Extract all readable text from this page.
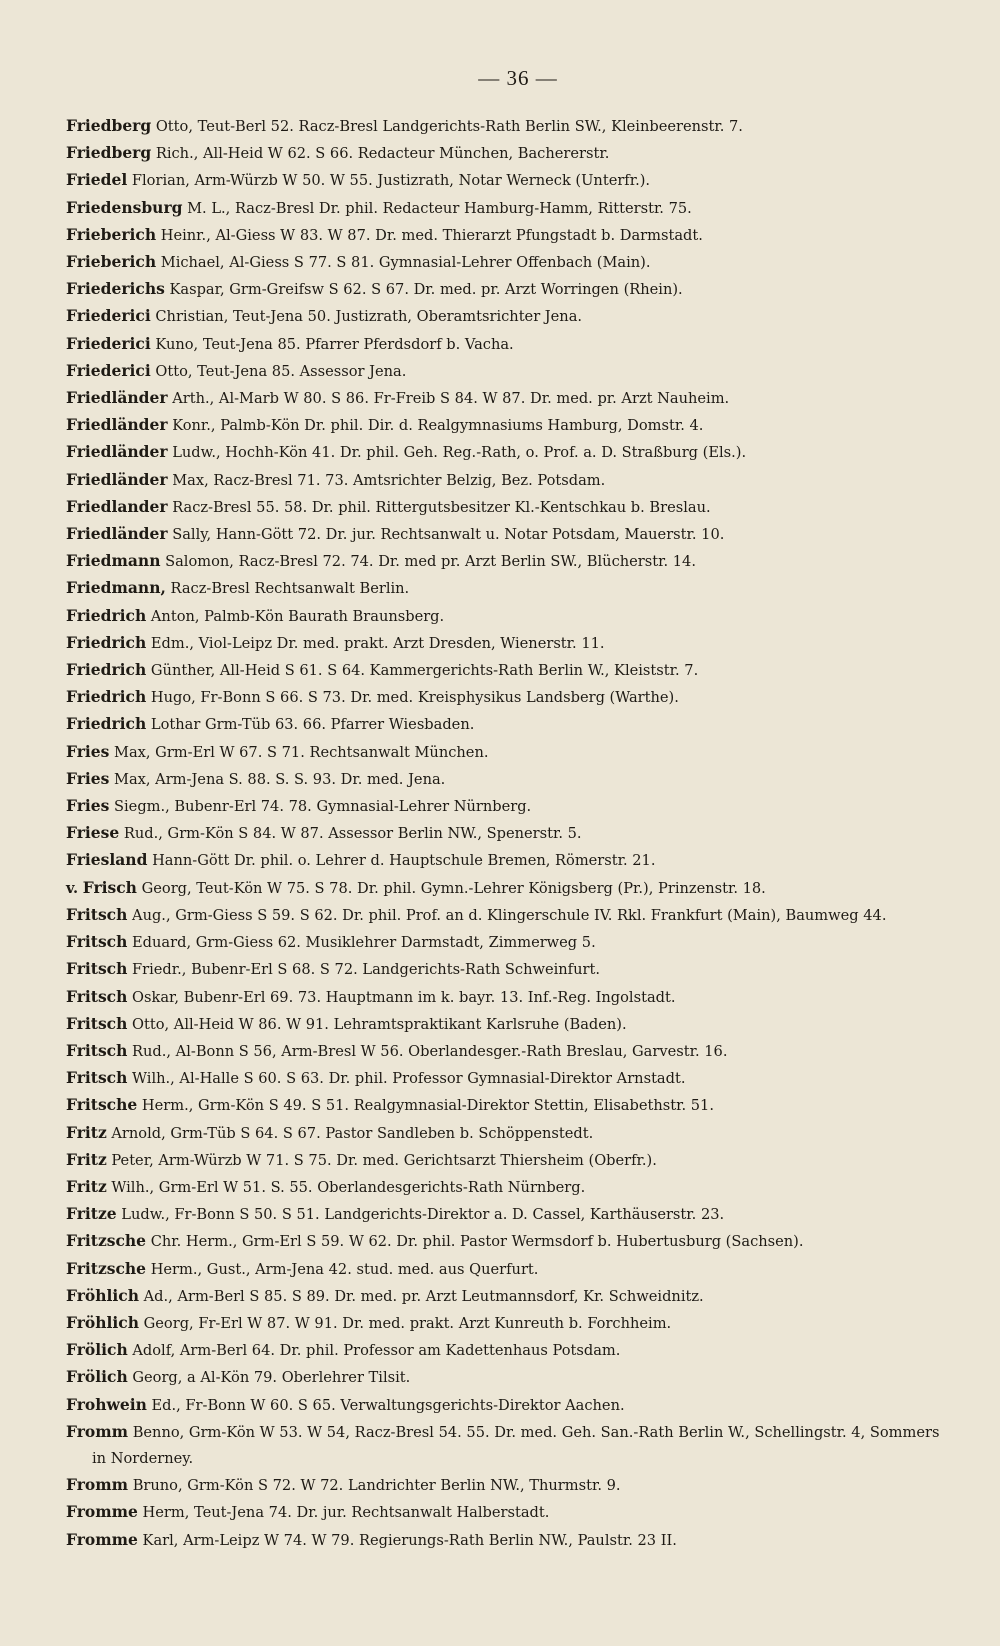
— 36 —
Friedberg Otto, Teut-Berl 52. Racz-Bresl Landgerichts-Rath Berlin SW., Kleinbeerenstr. 7.
Friedberg Rich., All-Heid W 62. S 66. Redacteur München, Bachererstr.
Friedel Florian, Arm-Würzb W 50. W 55. Justizrath, Notar Werneck (Unterfr.).
Friedensburg M. L., Racz-Bresl Dr. phil. Redacteur Hamburg-Hamm, Ritterstr. 75.
Frieberich Heinr., Al-Giess W 83. W 87. Dr. med. Thierarzt Pfungstadt b. Darmstadt.
Frieberich Michael, Al-Giess S 77. S 81. Gymnasial-Lehrer Offenbach (Main).
Friederichs Kaspar, Grm-Greifsw S 62. S 67. Dr. med. pr. Arzt Worringen (Rhein).
Friederici Christian, Teut-Jena 50. Justizrath, Oberamtsrichter Jena.
Friederici Kuno, Teut-Jena 85. Pfarrer Pferdsdorf b. Vacha.
Friederici Otto, Teut-Jena 85. Assessor Jena.
Friedländer Arth., Al-Marb W 80. S 86. Fr-Freib S 84. W 87. Dr. med. pr. Arzt Nauheim.
Friedländer Konr., Palmb-Kön Dr. phil. Dir. d. Realgymnasiums Hamburg, Domstr. 4.
Friedländer Ludw., Hochh-Kön 41. Dr. phil. Geh. Reg.-Rath, o. Prof. a. D. Straßburg (Els.).
Friedländer Max, Racz-Bresl 71. 73. Amtsrichter Belzig, Bez. Potsdam.
Friedlander Racz-Bresl 55. 58. Dr. phil. Rittergutsbesitzer Kl.-Kentschkau b. Breslau.
Friedländer Sally, Hann-Gött 72. Dr. jur. Rechtsanwalt u. Notar Potsdam, Mauerstr. 10.
Friedmann Salomon, Racz-Bresl 72. 74. Dr. med pr. Arzt Berlin SW., Blücherstr. 14.
Friedmann, Racz-Bresl Rechtsanwalt Berlin.
Friedrich Anton, Palmb-Kön Baurath Braunsberg.
Friedrich Edm., Viol-Leipz Dr. med. prakt. Arzt Dresden, Wienerstr. 11.
Friedrich Günther, All-Heid S 61. S 64. Kammergerichts-Rath Berlin W., Kleiststr. 7.
Friedrich Hugo, Fr-Bonn S 66. S 73. Dr. med. Kreisphysikus Landsberg (Warthe).
Friedrich Lothar Grm-Tüb 63. 66. Pfarrer Wiesbaden.
Fries Max, Grm-Erl W 67. S 71. Rechtsanwalt München.
Fries Max, Arm-Jena S. 88. S. S. 93. Dr. med. Jena.
Fries Siegm., Bubenr-Erl 74. 78. Gymnasial-Lehrer Nürnberg.
Friese Rud., Grm-Kön S 84. W 87. Assessor Berlin NW., Spenerstr. 5.
Friesland Hann-Gött Dr. phil. o. Lehrer d. Hauptschule Bremen, Römerstr. 21.
v. Frisch Georg, Teut-Kön W 75. S 78. Dr. phil. Gymn.-Lehrer Königsberg (Pr.), Prinzenstr. 18.
Fritsch Aug., Grm-Giess S 59. S 62. Dr. phil. Prof. an d. Klingerschule IV. Rkl. Frankfurt (Main), Baumweg 44.
Fritsch Eduard, Grm-Giess 62. Musiklehrer Darmstadt, Zimmerweg 5.
Fritsch Friedr., Bubenr-Erl S 68. S 72. Landgerichts-Rath Schweinfurt.
Fritsch Oskar, Bubenr-Erl 69. 73. Hauptmann im k. bayr. 13. Inf.-Reg. Ingolstadt.
Fritsch Otto, All-Heid W 86. W 91. Lehramtspraktikant Karlsruhe (Baden).
Fritsch Rud., Al-Bonn S 56, Arm-Bresl W 56. Oberlandesger.-Rath Breslau, Garvestr. 16.
Fritsch Wilh., Al-Halle S 60. S 63. Dr. phil. Professor Gymnasial-Direktor Arnstadt.
Fritsche Herm., Grm-Kön S 49. S 51. Realgymnasial-Direktor Stettin, Elisabethstr. 51.
Fritz Arnold, Grm-Tüb S 64. S 67. Pastor Sandleben b. Schöppenstedt.
Fritz Peter, Arm-Würzb W 71. S 75. Dr. med. Gerichtsarzt Thiersheim (Oberfr.).
Fritz Wilh., Grm-Erl W 51. S. 55. Oberlandesgerichts-Rath Nürnberg.
Fritze Ludw., Fr-Bonn S 50. S 51. Landgerichts-Direktor a. D. Cassel, Karthäuserstr. 23.
Fritzsche Chr. Herm., Grm-Erl S 59. W 62. Dr. phil. Pastor Wermsdorf b. Hubertusburg (Sachsen).
Fritzsche Herm., Gust., Arm-Jena 42. stud. med. aus Querfurt.
Fröhlich Ad., Arm-Berl S 85. S 89. Dr. med. pr. Arzt Leutmannsdorf, Kr. Schweidnitz.
Fröhlich Georg, Fr-Erl W 87. W 91. Dr. med. prakt. Arzt Kunreuth b. Forchheim.
Frölich Adolf, Arm-Berl 64. Dr. phil. Professor am Kadettenhaus Potsdam.
Frölich Georg, a Al-Kön 79. Oberlehrer Tilsit.
Frohwein Ed., Fr-Bonn W 60. S 65. Verwaltungsgerichts-Direktor Aachen.
Fromm Benno, Grm-Kön W 53. W 54, Racz-Bresl 54. 55. Dr. med. Geh. San.-Rath Berlin W., Schellingstr. 4, Sommers in Norderney.
Fromm Bruno, Grm-Kön S 72. W 72. Landrichter Berlin NW., Thurmstr. 9.
Fromme Herm, Teut-Jena 74. Dr. jur. Rechtsanwalt Halberstadt.
Fromme Karl, Arm-Leipz W 74. W 79. Regierungs-Rath Berlin NW., Paulstr. 23 II.
